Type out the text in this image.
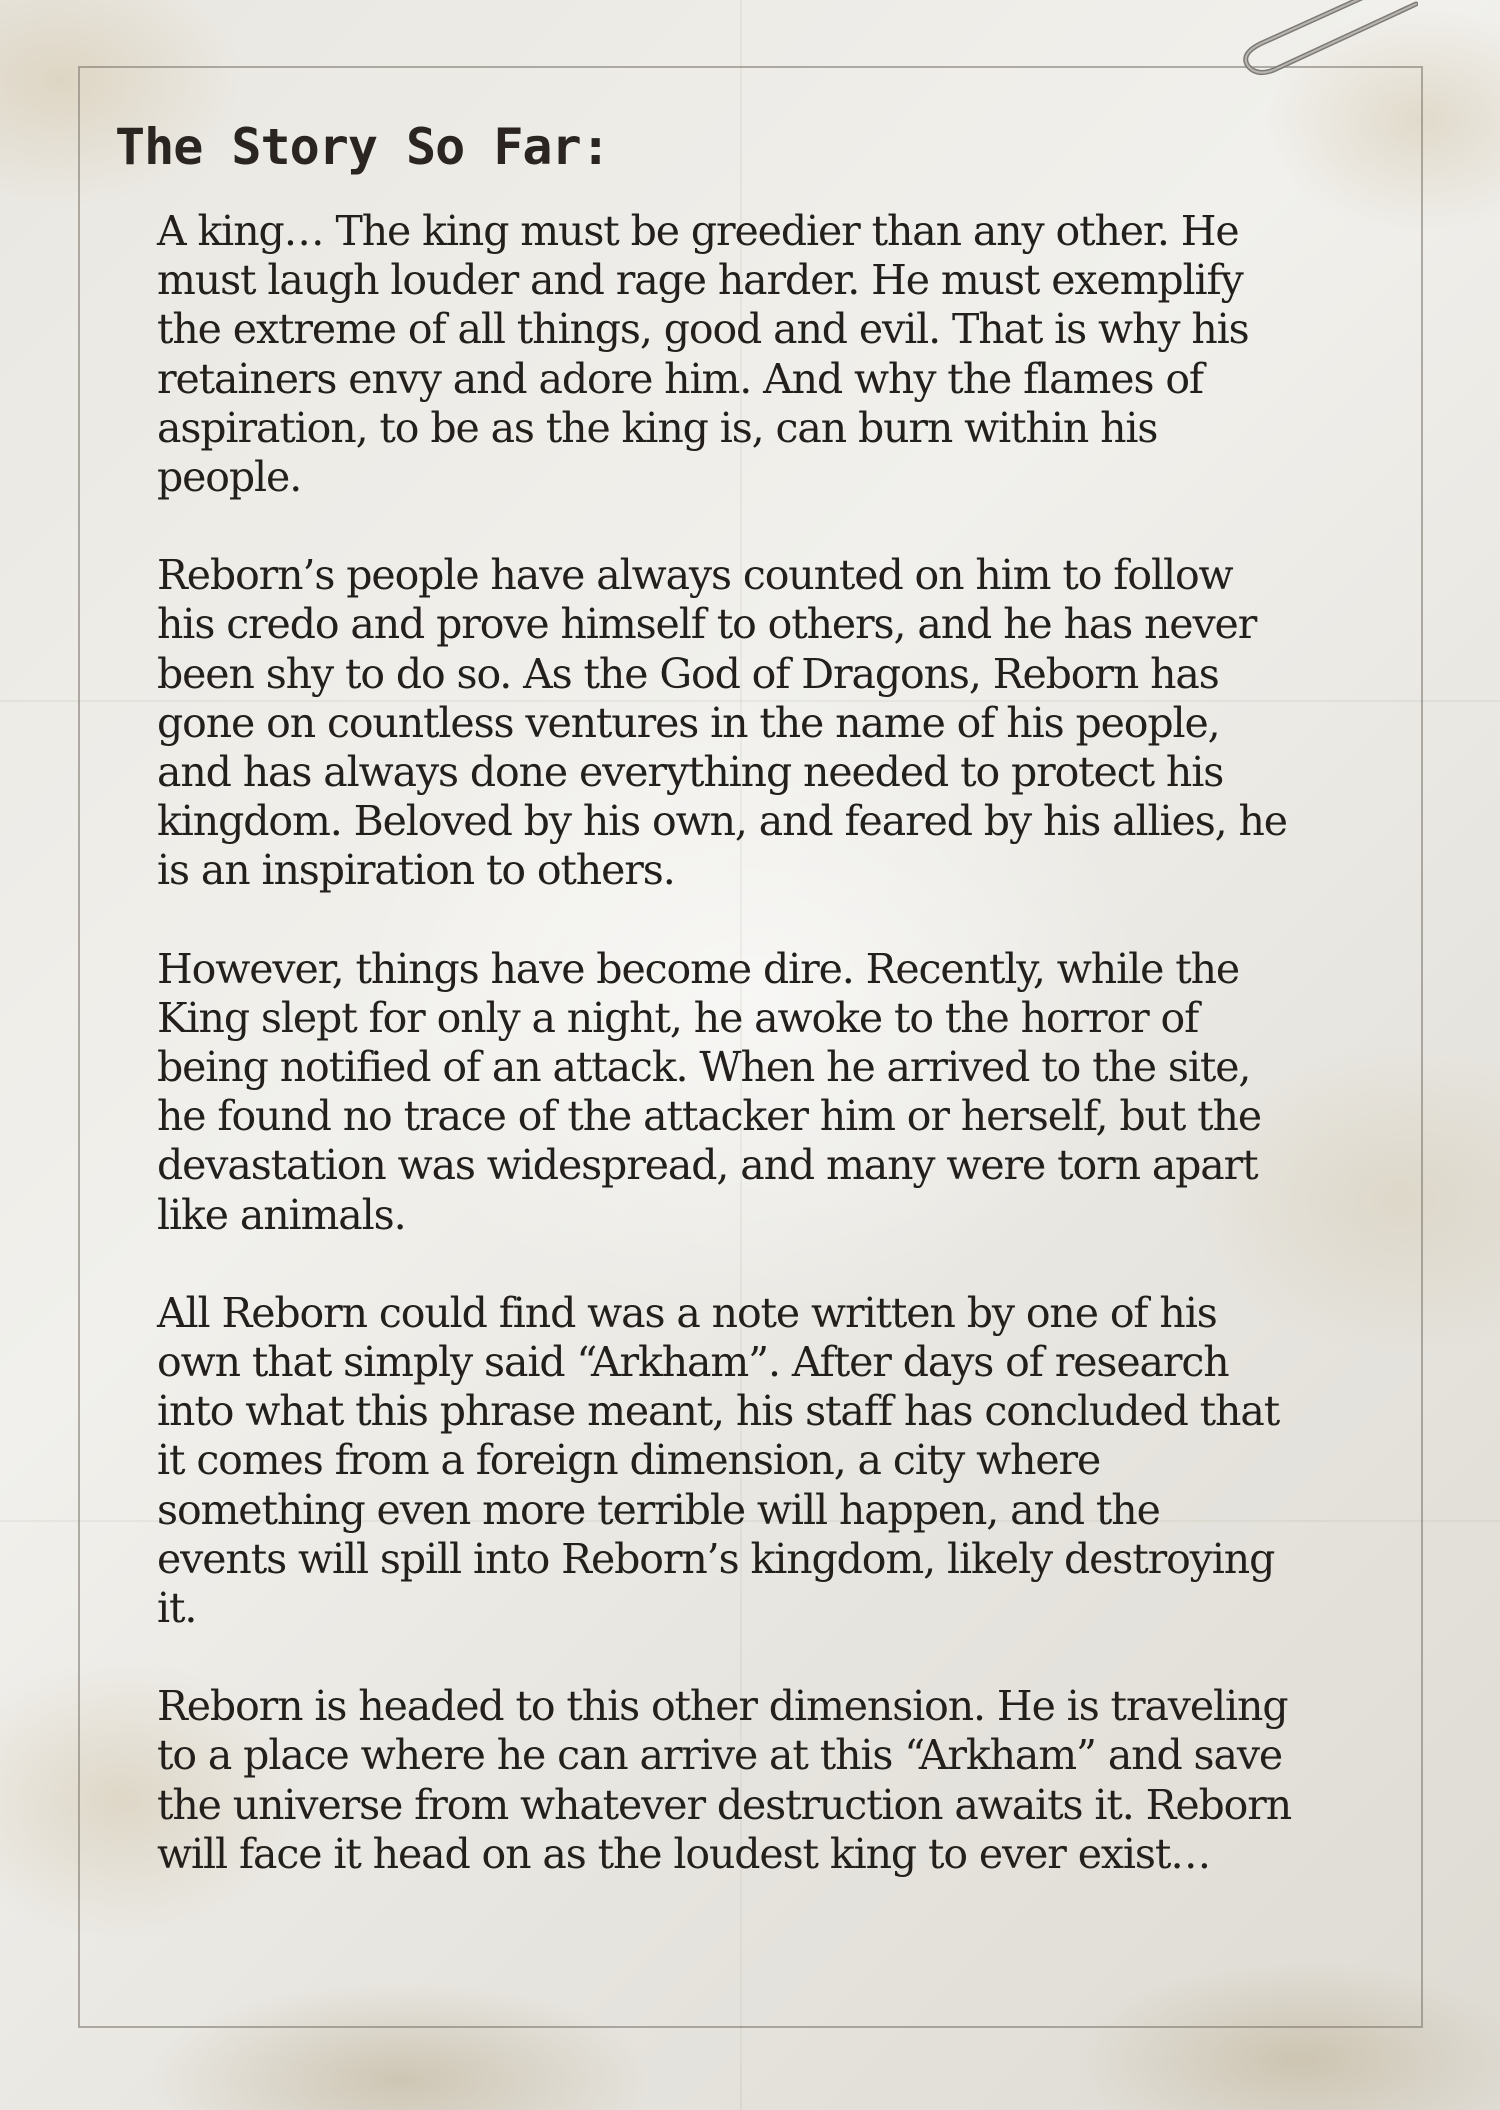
The Story So Far:

A king… The king must be greedier than any other. He
must laugh louder and rage harder. He must exemplify
the extreme of all things, good and evil. That is why his
retainers envy and adore him. And why the flames of
aspiration, to be as the king is, can burn within his
people.

Reborn’s people have always counted on him to follow
his credo and prove himself to others, and he has never
been shy to do so. As the God of Dragons, Reborn has
gone on countless ventures in the name of his people,
and has always done everything needed to protect his
kingdom. Beloved by his own, and feared by his allies, he
is an inspiration to others.

However, things have become dire. Recently, while the
King slept for only a night, he awoke to the horror of
being notified of an attack. When he arrived to the site,
he found no trace of the attacker him or herself, but the
devastation was widespread, and many were torn apart
like animals.

All Reborn could find was a note written by one of his
own that simply said “Arkham”. After days of research
into what this phrase meant, his staff has concluded that
it comes from a foreign dimension, a city where
something even more terrible will happen, and the
events will spill into Reborn’s kingdom, likely destroying
it.

Reborn is headed to this other dimension. He is traveling
to a place where he can arrive at this “Arkham” and save
the universe from whatever destruction awaits it. Reborn
will face it head on as the loudest king to ever exist…
